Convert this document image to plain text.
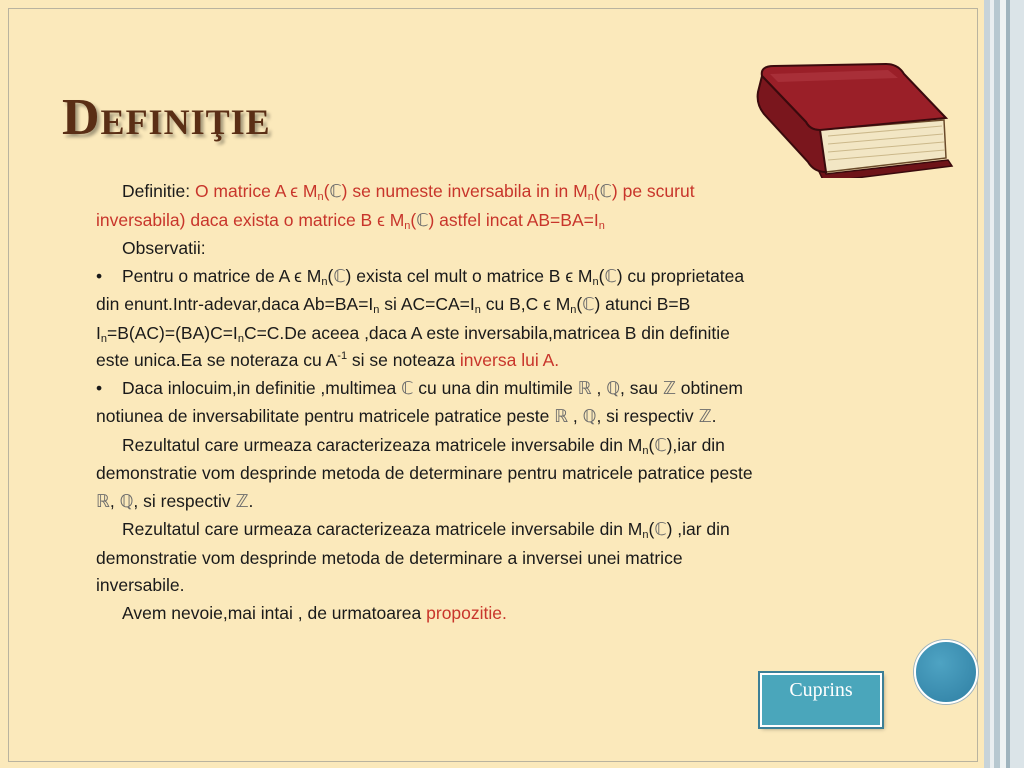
Definiţie

Definitie: O matrice A ϵ $M_n(ℂ)$ se numeste inversabila in in $M_n(ℂ)$ pe scurut inversabila) daca exista o matrice B ϵ $M_n(ℂ)$ astfel incat $AB=BA=I_n$

Observatii:

• Pentru o matrice de A ϵ $M_n(ℂ)$ exista cel mult o matrice B ϵ $M_n(ℂ)$ cu proprietatea din enunt.Intr-adevar,daca $Ab=BA=I_n$ si $AC=CA=I_n$ cu B,C ϵ $M_n(ℂ)$ atunci B=B $I_n=B(AC)=(BA)C=I_nC=C.De$ aceea ,daca A este inversabila,matricea B din definitie este unica.Ea se noteraza cu $A^{-1}$ si se noteaza inversa lui A.

• Daca inlocuim,in definitie ,multimea ℂ cu una din multimile ℝ , ℚ, sau ℤ obtinem notiunea de inversabilitate pentru matricele patratice peste ℝ , ℚ, si respectiv ℤ.

Rezultatul care urmeaza caracterizeaza matricele inversabile din $M_n(ℂ),iar$ din demonstratie vom desprinde metoda de determinare pentru matricele patratice peste ℝ, ℚ, si respectiv ℤ.

Rezultatul care urmeaza caracterizeaza matricele inversabile din $M_n(ℂ)$ ,iar din demonstratie vom desprinde metoda de determinare a inversei unei matrice inversabile.

Avem nevoie,mai intai , de urmatoarea propozitie.

Cuprins
